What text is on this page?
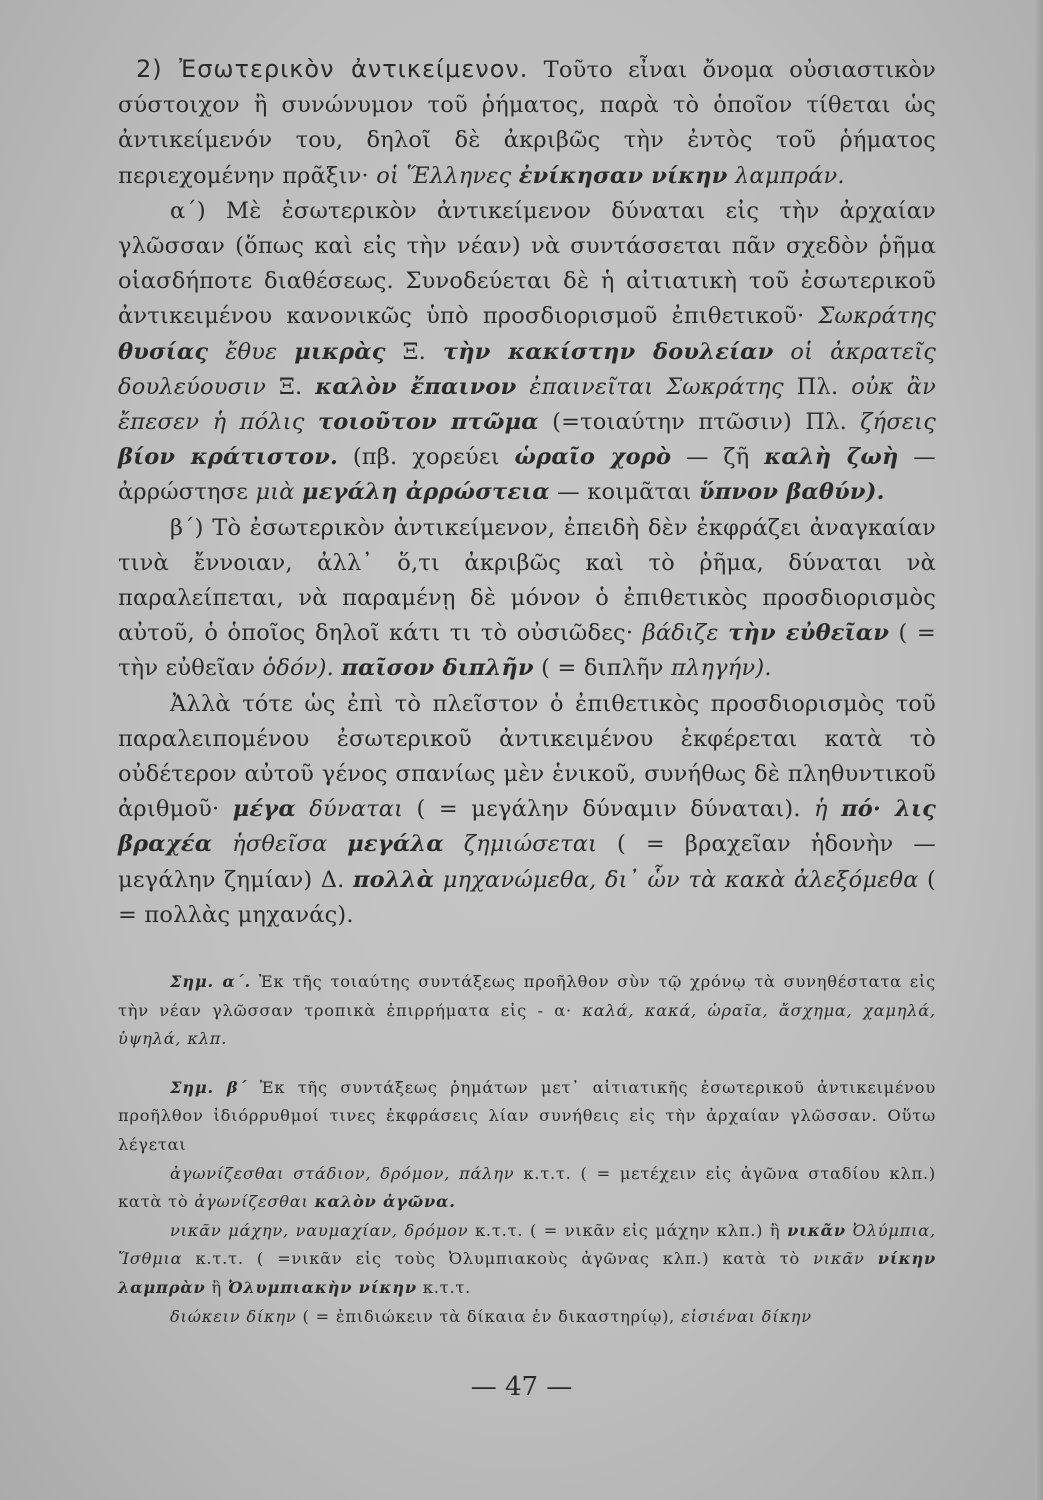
2) Ἐσωτερικὸν ἀντικείμενον. Τοῦτο εἶναι ὄνομα οὐσιαστικὸν σύστοιχον ἢ συνώνυμον τοῦ ῥήματος, παρὰ τὸ ὁποῖον τίθεται ὡς ἀντικείμενόν του, δηλοῖ δὲ ἀκριβῶς τὴν ἐντὸς τοῦ ῥήματος περιεχομένην πρᾶξιν· οἱ Ἕλληνες ἐνίκησαν νίκην λαμπράν.

α΄) Μὲ ἐσωτερικὸν ἀντικείμενον δύναται εἰς τὴν ἀρχαίαν γλῶσσαν (ὅπως καὶ εἰς τὴν νέαν) νὰ συντάσσεται πᾶν σχεδὸν ῥῆμα οἱασδήποτε διαθέσεως. Συνοδεύεται δὲ ἡ αἰτιατικὴ τοῦ ἐσωτερικοῦ ἀντικειμένου κανονικῶς ὑπὸ προσδιορισμοῦ ἐπιθετικοῦ· Σωκράτης θυσίας ἔθυε μικρὰς Ξ. τὴν κακίστην δουλείαν οἱ ἀκρατεῖς δουλεύουσιν Ξ. καλὸν ἔπαινον ἐπαινεῖται Σωκράτης Πλ. οὐκ ἂν ἔπεσεν ἡ πόλις τοιοῦτον πτῶμα (=τοιαύτην πτῶσιν) Πλ. ζήσεις βίον κράτιστον. (πβ. χορεύει ὡραῖο χορὸ — ζῆ καλὴ ζωὴ — ἀρρώστησε μιὰ μεγάλη ἀρρώστεια — κοιμᾶται ὕπνον βαθύν).

β΄) Τὸ ἐσωτερικὸν ἀντικείμενον, ἐπειδὴ δὲν ἐκφράζει ἀναγκαίαν τινὰ ἔννοιαν, ἀλλ᾽ ὅ,τι ἀκριβῶς καὶ τὸ ῥῆμα, δύναται νὰ παραλείπεται, νὰ παραμένῃ δὲ μόνον ὁ ἐπιθετικὸς προσδιορισμὸς αὐτοῦ, ὁ ὁποῖος δηλοῖ κάτι τι τὸ οὐσιῶδες· βάδιζε τὴν εὐθεῖαν ( = τὴν εὐθεῖαν ὁδόν). παῖσον διπλῆν ( = διπλῆν πληγήν).

Ἀλλὰ τότε ὡς ἐπὶ τὸ πλεῖστον ὁ ἐπιθετικὸς προσδιορισμὸς τοῦ παραλειπομένου ἐσωτερικοῦ ἀντικειμένου ἐκφέρεται κατὰ τὸ οὐδέτερον αὐτοῦ γένος σπανίως μὲν ἑνικοῦ, συνήθως δὲ πληθυντικοῦ ἀριθμοῦ· μέγα δύναται ( = μεγάλην δύναμιν δύναται). ἡ πό· λις βραχέα ἡσθεῖσα μεγάλα ζημιώσεται ( = βραχεῖαν ἡδονὴν — μεγάλην ζημίαν) Δ. πολλὰ μηχανώμεθα, δι᾽ ὧν τὰ κακὰ ἀλεξόμεθα ( = πολλὰς μηχανάς).

Σημ. α΄. Ἐκ τῆς τοιαύτης συντάξεως προῆλθον σὺν τῷ χρόνῳ τὰ συνηθέστατα εἰς τὴν νέαν γλῶσσαν τροπικὰ ἐπιρρήματα εἰς - α· καλά, κακά, ὡραῖα, ἄσχημα, χαμηλά, ὑψηλά, κλπ.

Σημ. β΄ Ἐκ τῆς συντάξεως ῥημάτων μετ᾽ αἰτιατικῆς ἐσωτερικοῦ ἀντικειμένου προῆλθον ἰδιόρρυθμοί τινες ἐκφράσεις λίαν συνήθεις εἰς τὴν ἀρχαίαν γλῶσσαν. Οὕτω λέγεται

ἀγωνίζεσθαι στάδιον, δρόμον, πάλην κ.τ.τ. ( = μετέχειν εἰς ἀγῶνα σταδίου κλπ.) κατὰ τὸ ἀγωνίζεσθαι καλὸν ἀγῶνα.

νικᾶν μάχην, ναυμαχίαν, δρόμον κ.τ.τ. ( = νικᾶν εἰς μάχην κλπ.) ἢ νικᾶν Ὀλύμπια, Ἴσθμια κ.τ.τ. ( =νικᾶν εἰς τοὺς Ὀλυμπιακοὺς ἀγῶνας κλπ.) κατὰ τὸ νικᾶν νίκην λαμπρὰν ἢ Ὀλυμπιακὴν νίκην κ.τ.τ.

διώκειν δίκην ( = ἐπιδιώκειν τὰ δίκαια ἐν δικαστηρίῳ), εἰσιέναι δίκην

— 47 —
